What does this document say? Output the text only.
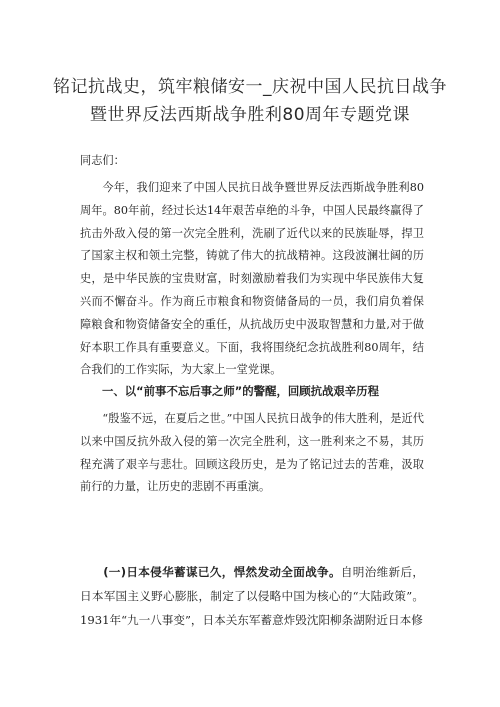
铭记抗战史，筑牢粮储安一_庆祝中国人民抗日战争
暨世界反法西斯战争胜利80周年专题党课

同志们：

今年，我们迎来了中国人民抗日战争暨世界反法西斯战争胜利80周年。80年前，经过长达14年艰苦卓绝的斗争，中国人民最终赢得了抗击外敌入侵的第一次完全胜利，洗刷了近代以来的民族耻辱，捍卫了国家主权和领土完整，铸就了伟大的抗战精神。这段波澜壮阔的历史，是中华民族的宝贵财富，时刻激励着我们为实现中华民族伟大复兴而不懈奋斗。作为商丘市粮食和物资储备局的一员，我们肩负着保障粮食和物资储备安全的重任，从抗战历史中汲取智慧和力量,对于做好本职工作具有重要意义。下面，我将围绕纪念抗战胜利80周年，结合我们的工作实际，为大家上一堂党课。

一、以“前事不忘后事之师”的警醒，回顾抗战艰辛历程

“殷鉴不远，在夏后之世。”中国人民抗日战争的伟大胜利，是近代以来中国反抗外敌入侵的第一次完全胜利，这一胜利来之不易，其历程充满了艰辛与悲壮。回顾这段历史，是为了铭记过去的苦难，汲取前行的力量，让历史的悲剧不再重演。

(一)日本侵华蓄谋已久，悍然发动全面战争。自明治维新后，日本军国主义野心膨胀，制定了以侵略中国为核心的“大陆政策”。1931年“九一八事变”，日本关东军蓄意炸毁沈阳柳条湖附近日本修
